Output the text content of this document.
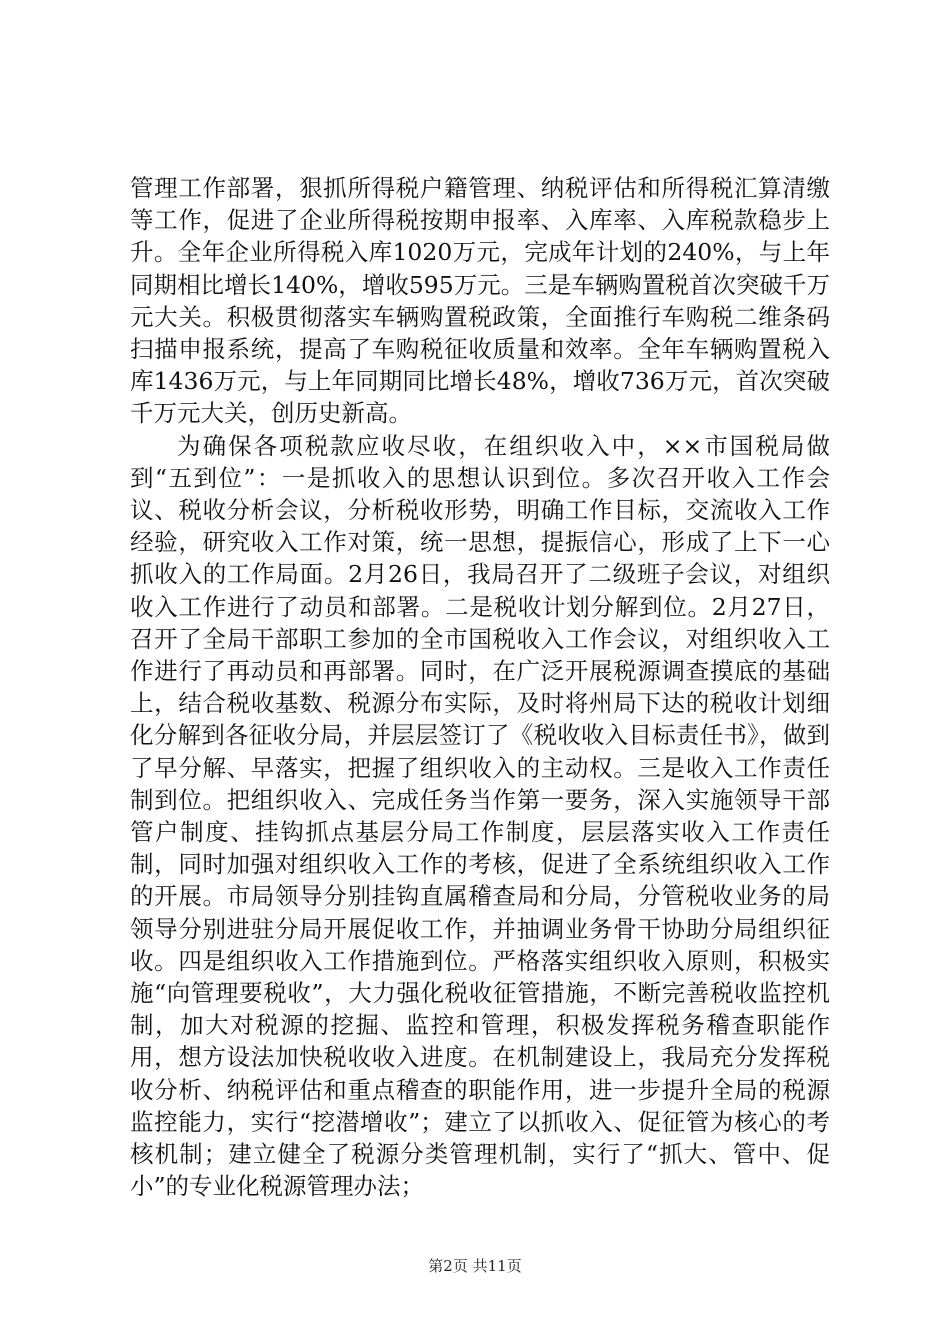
管理工作部署，狠抓所得税户籍管理、纳税评估和所得税汇算清缴等工作，促进了企业所得税按期申报率、入库率、入库税款稳步上升。全年企业所得税入库1020万元，完成年计划的240%，与上年同期相比增长140%，增收595万元。三是车辆购置税首次突破千万元大关。积极贯彻落实车辆购置税政策，全面推行车购税二维条码扫描申报系统，提高了车购税征收质量和效率。全年车辆购置税入库1436万元，与上年同期同比增长48%，增收736万元，首次突破千万元大关，创历史新高。

为确保各项税款应收尽收，在组织收入中，××市国税局做到“五到位”：一是抓收入的思想认识到位。多次召开收入工作会议、税收分析会议，分析税收形势，明确工作目标，交流收入工作经验，研究收入工作对策，统一思想，提振信心，形成了上下一心抓收入的工作局面。2月26日，我局召开了二级班子会议，对组织收入工作进行了动员和部署。二是税收计划分解到位。2月27日，召开了全局干部职工参加的全市国税收入工作会议，对组织收入工作进行了再动员和再部署。同时，在广泛开展税源调查摸底的基础上，结合税收基数、税源分布实际，及时将州局下达的税收计划细化分解到各征收分局，并层层签订了《税收收入目标责任书》，做到了早分解、早落实，把握了组织收入的主动权。三是收入工作责任制到位。把组织收入、完成任务当作第一要务，深入实施领导干部管户制度、挂钩抓点基层分局工作制度，层层落实收入工作责任制，同时加强对组织收入工作的考核，促进了全系统组织收入工作的开展。市局领导分别挂钩直属稽查局和分局，分管税收业务的局领导分别进驻分局开展促收工作，并抽调业务骨干协助分局组织征收。四是组织收入工作措施到位。严格落实组织收入原则，积极实施“向管理要税收”，大力强化税收征管措施，不断完善税收监控机制，加大对税源的挖掘、监控和管理，积极发挥税务稽查职能作用，想方设法加快税收收入进度。在机制建设上，我局充分发挥税收分析、纳税评估和重点稽查的职能作用，进一步提升全局的税源监控能力，实行“挖潜增收”；建立了以抓收入、促征管为核心的考核机制；建立健全了税源分类管理机制，实行了“抓大、管中、促小”的专业化税源管理办法；

第2页 共11页
